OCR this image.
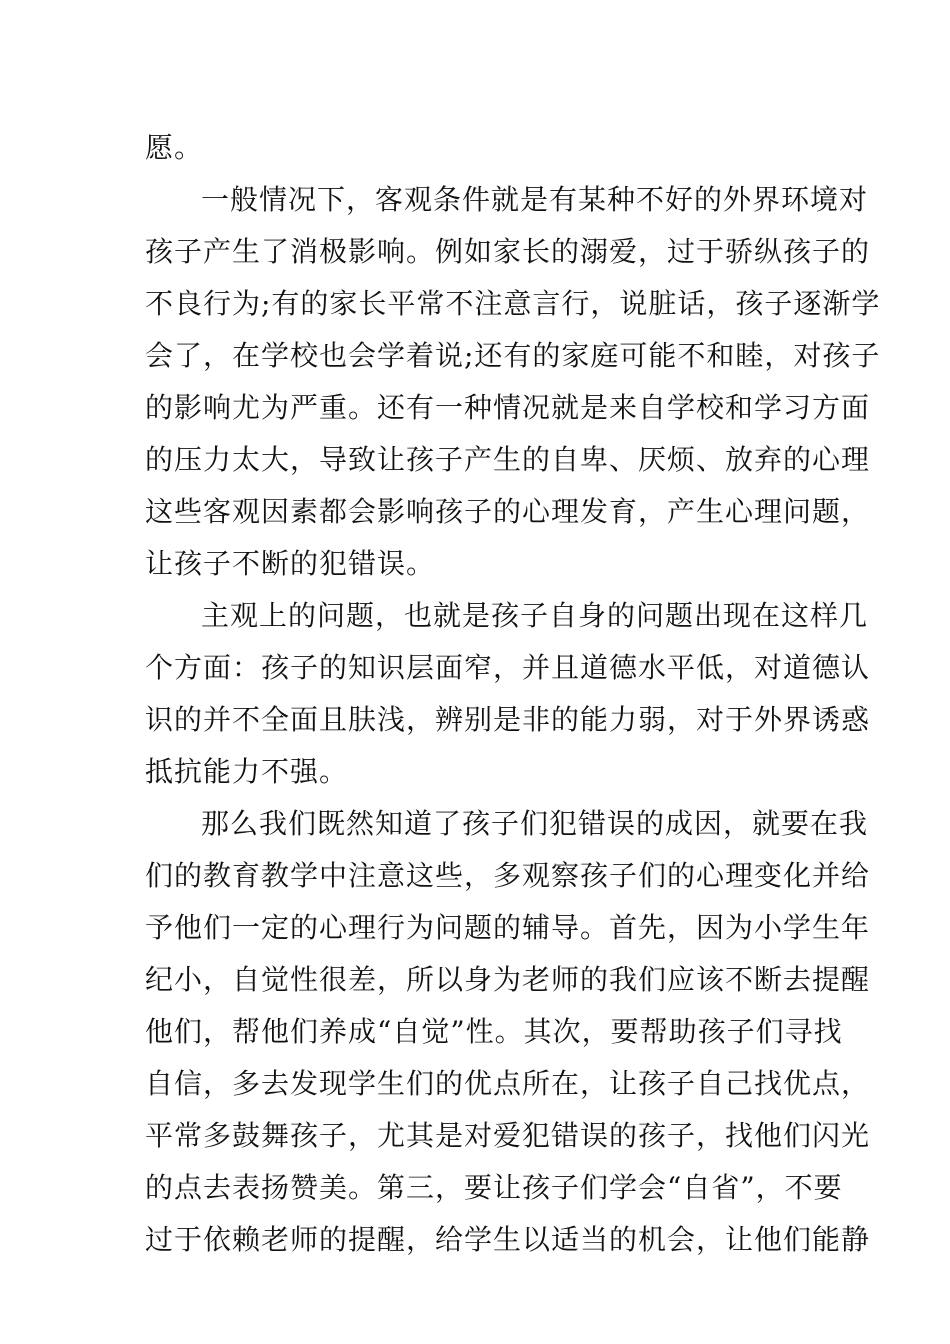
愿。
一般情况下，客观条件就是有某种不好的外界环境对
孩子产生了消极影响。例如家长的溺爱，过于骄纵孩子的
不良行为;有的家长平常不注意言行，说脏话，孩子逐渐学
会了，在学校也会学着说;还有的家庭可能不和睦，对孩子
的影响尤为严重。还有一种情况就是来自学校和学习方面
的压力太大，导致让孩子产生的自卑、厌烦、放弃的心理
这些客观因素都会影响孩子的心理发育，产生心理问题，
让孩子不断的犯错误。
主观上的问题，也就是孩子自身的问题出现在这样几
个方面：孩子的知识层面窄，并且道德水平低，对道德认
识的并不全面且肤浅，辨别是非的能力弱，对于外界诱惑
抵抗能力不强。
那么我们既然知道了孩子们犯错误的成因，就要在我
们的教育教学中注意这些，多观察孩子们的心理变化并给
予他们一定的心理行为问题的辅导。首先，因为小学生年
纪小，自觉性很差，所以身为老师的我们应该不断去提醒
他们，帮他们养成“自觉”性。其次，要帮助孩子们寻找
自信，多去发现学生们的优点所在，让孩子自己找优点，
平常多鼓舞孩子，尤其是对爱犯错误的孩子，找他们闪光
的点去表扬赞美。第三，要让孩子们学会“自省”，不要
过于依赖老师的提醒，给学生以适当的机会，让他们能静
